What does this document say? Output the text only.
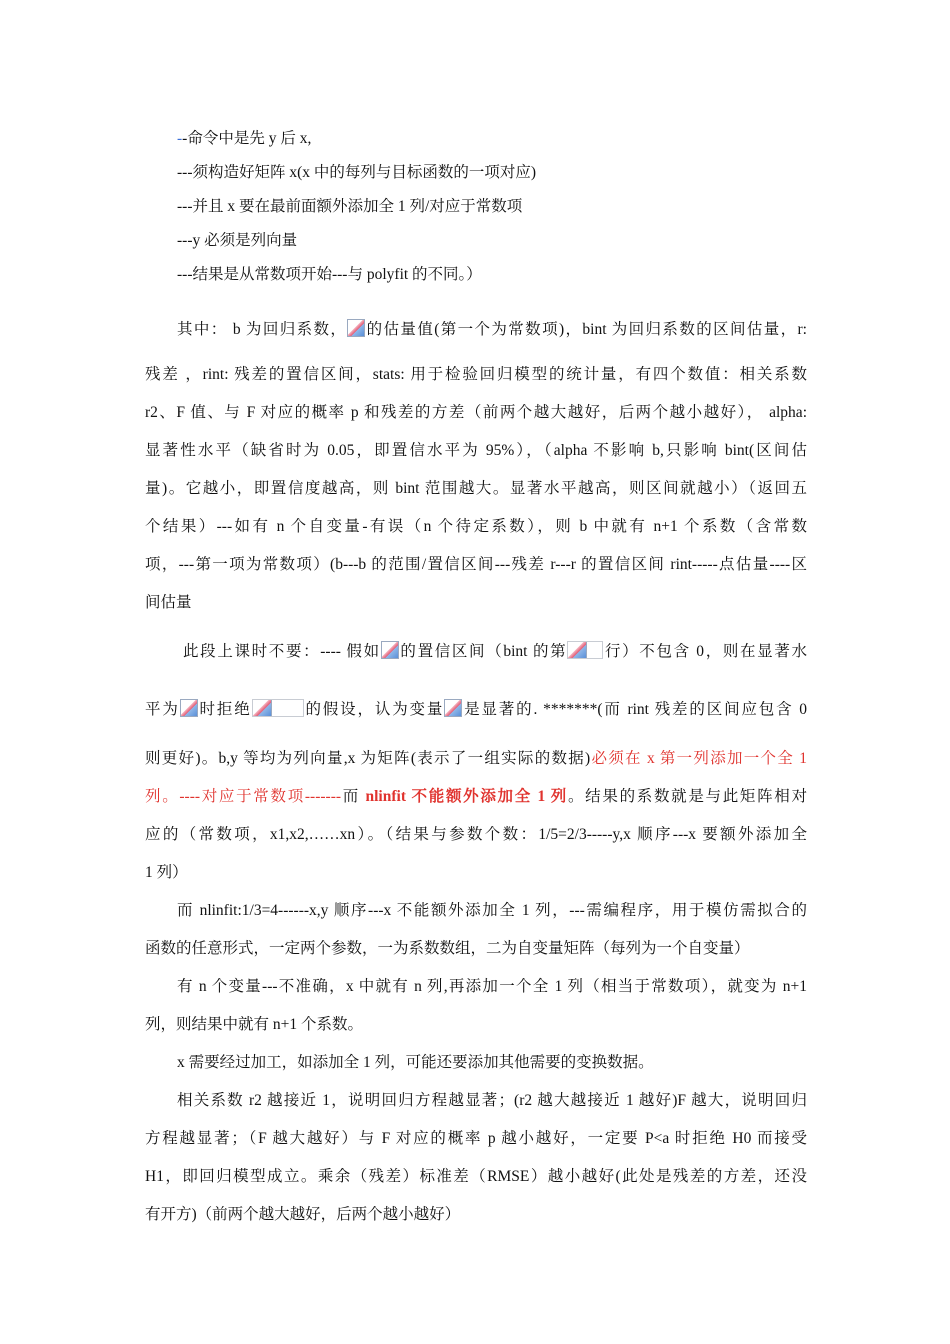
--命令中是先 y 后 x,
---须构造好矩阵 x(x 中的每列与目标函数的一项对应)
---并且 x 要在最前面额外添加全 1 列/对应于常数项
---y 必须是列向量
---结果是从常数项开始---与 polyfit 的不同。）
其中： b 为回归系数， 的估量值(第一个为常数项)，bint 为回归系数的区间估量，r:
残差 ，rint: 残差的置信区间，stats: 用于检验回归模型的统计量，有四个数值：相关系数
r2、F 值、与 F 对应的概率 p 和残差的方差（前两个越大越好，后两个越小越好）， alpha:
显著性水平（缺省时为 0.05，即置信水平为 95%），（alpha 不影响 b,只影响 bint(区间估
量)。它越小，即置信度越高，则 bint 范围越大。显著水平越高，则区间就越小）（返回五
个结果）---如有 n 个自变量-有误（n 个待定系数），则 b 中就有 n+1 个系数（含常数
项，---第一项为常数项）(b---b 的范围/置信区间---残差 r---r 的置信区间 rint-----点估量----区
间估量
此段上课时不要：---- 假如 的置信区间（bint 的第 行）不包含 0，则在显著水
平为 时拒绝	的假设，认为变量 是显著的. *******(而 rint 残差的区间应包含 0
则更好)。b,y 等均为列向量,x 为矩阵(表示了一组实际的数据)必须在 x 第一列添加一个全 1
列。----对应于常数项-------而 nlinfit 不能额外添加全 1 列。结果的系数就是与此矩阵相对
应的（常数项，x1,x2,……xn）。（结果与参数个数：1/5=2/3-----y,x 顺序---x 要额外添加全
1 列）
而 nlinfit:1/3=4------x,y 顺序---x 不能额外添加全 1 列，---需编程序，用于模仿需拟合的
函数的任意形式，一定两个参数，一为系数数组，二为自变量矩阵（每列为一个自变量）
有 n 个变量---不准确，x 中就有 n 列,再添加一个全 1 列（相当于常数项），就变为 n+1
列，则结果中就有 n+1 个系数。
x 需要经过加工，如添加全 1 列，可能还要添加其他需要的变换数据。
相关系数 r2 越接近 1，说明回归方程越显著；(r2 越大越接近 1 越好)F 越大，说明回归
方程越显著；（F 越大越好）与 F 对应的概率 p 越小越好，一定要 P<a 时拒绝 H0 而接受
H1，即回归模型成立。乘余（残差）标准差（RMSE）越小越好(此处是残差的方差，还没
有开方)（前两个越大越好，后两个越小越好）
